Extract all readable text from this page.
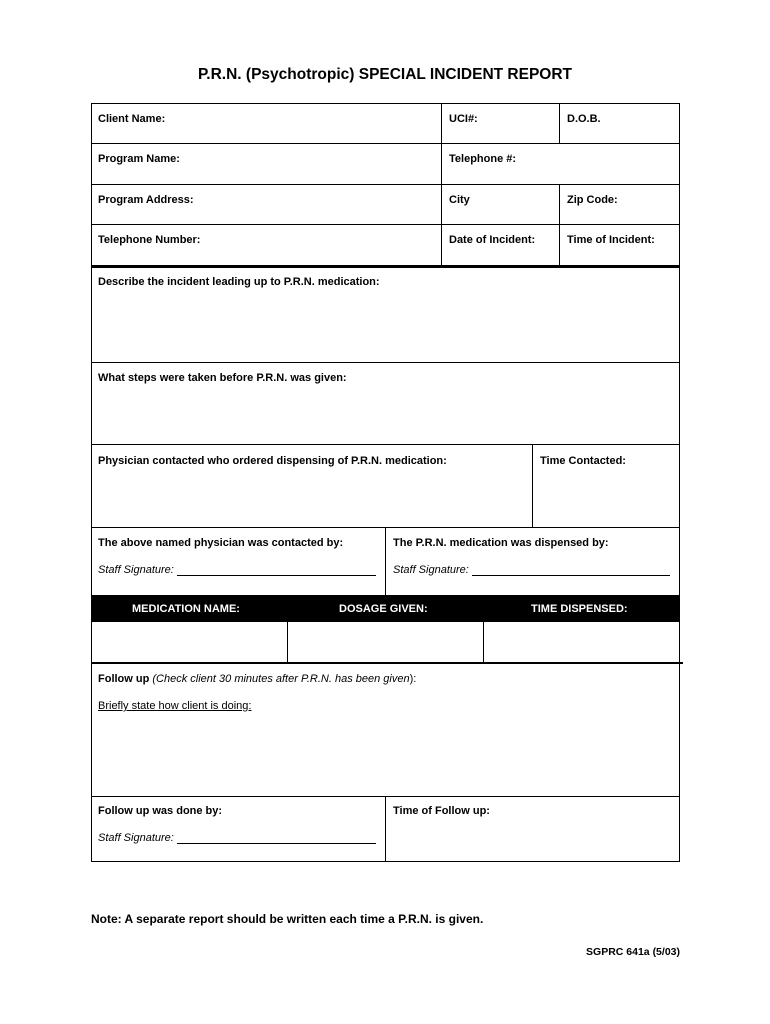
P.R.N. (Psychotropic) SPECIAL INCIDENT REPORT
Client Name:	UCI#:	D.O.B.
Program Name:	Telephone #:
Program Address:	City	Zip Code:
Telephone Number:	Date of Incident:	Time of Incident:
Describe the incident leading up to P.R.N. medication:
What steps were taken before P.R.N. was given:
Physician contacted who ordered dispensing of P.R.N. medication:	Time Contacted:
The above named physician was contacted by:
Staff Signature:
The P.R.N. medication was dispensed by:
Staff Signature:
MEDICATION NAME:	DOSAGE GIVEN:	TIME DISPENSED:
Follow up (Check client 30 minutes after P.R.N. has been given):
Briefly state how client is doing:
Follow up was done by:
Staff Signature:
Time of Follow up:
Note: A separate report should be written each time a P.R.N. is given.
SGPRC 641a (5/03)
